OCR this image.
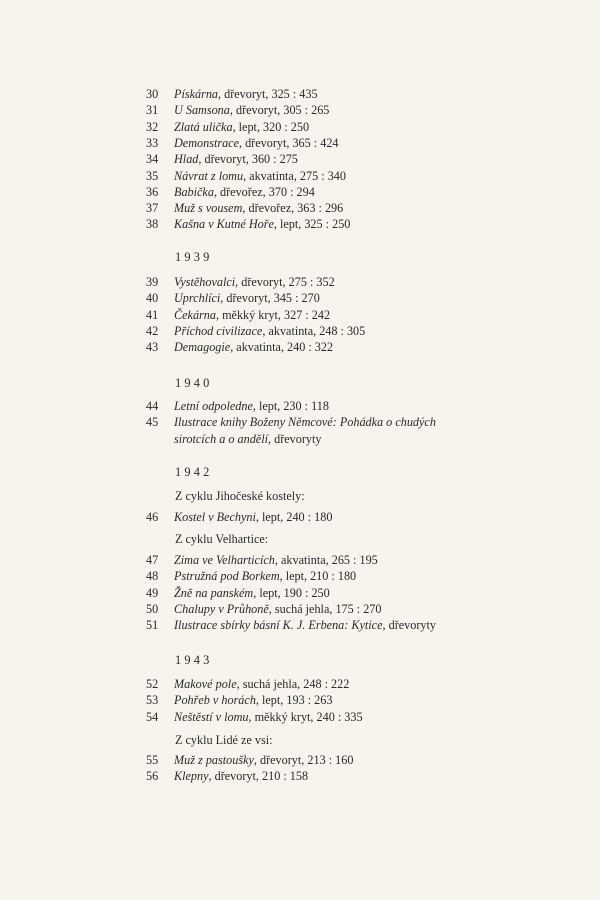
30	Pískárna, dřevoryt, 325 : 435
31	U Samsona, dřevoryt, 305 : 265
32	Zlatá ulička, lept, 320 : 250
33	Demonstrace, dřevoryt, 365 : 424
34	Hlad, dřevoryt, 360 : 275
35	Návrat z lomu, akvatinta, 275 : 340
36	Babička, dřevořez, 370 : 294
37	Muž s vousem, dřevořez, 363 : 296
38	Kašna v Kutné Hoře, lept, 325 : 250
1939
39	Vystěhovalci, dřevoryt, 275 : 352
40	Uprchlíci, dřevoryt, 345 : 270
41	Čekárna, měkký kryt, 327 : 242
42	Příchod civilizace, akvatinta, 248 : 305
43	Demagogie, akvatinta, 240 : 322
1940
44	Letní odpoledne, lept, 230 : 118
45	Ilustrace knihy Boženy Němcové: Pohádka o chudých
sirotcích a o andělí, dřevoryty
1942
Z cyklu Jihočeské kostely:
46	Kostel v Bechyni, lept, 240 : 180
Z cyklu Velhartice:
47	Zima ve Velharticích, akvatinta, 265 : 195
48	Pstružná pod Borkem, lept, 210 : 180
49	Žně na panském, lept, 190 : 250
50	Chalupy v Průhoně, suchá jehla, 175 : 270
51	Ilustrace sbírky básní K. J. Erbena: Kytice, dřevoryty
1943
52	Makové pole, suchá jehla, 248 : 222
53	Pohřeb v horách, lept, 193 : 263
54	Neštěstí v lomu, měkký kryt, 240 : 335
Z cyklu Lidé ze vsi:
55	Muž z pastoušky, dřevoryt, 213 : 160
56	Klepny, dřevoryt, 210 : 158
